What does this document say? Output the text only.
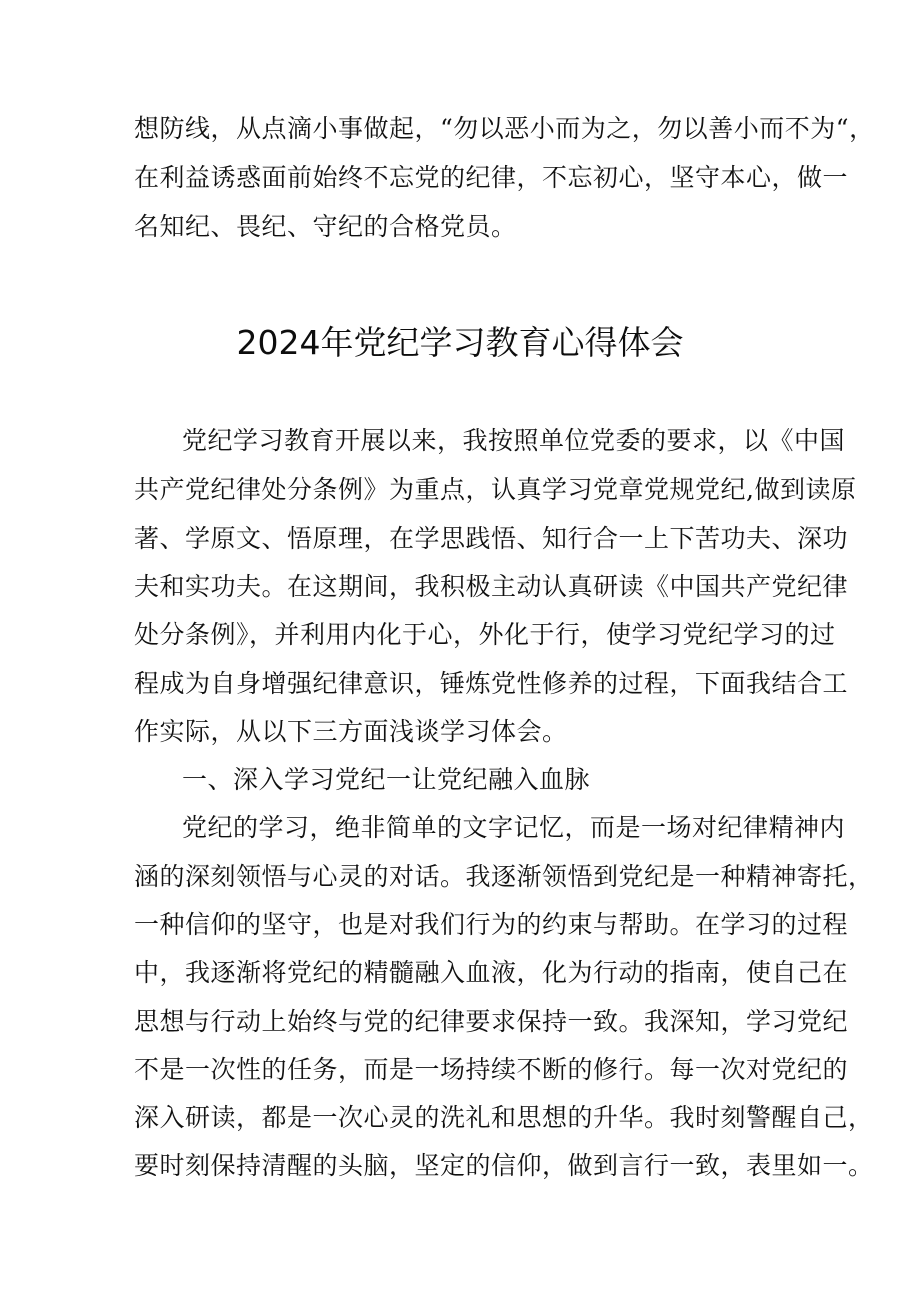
想防线，从点滴小事做起，“勿以恶小而为之，勿以善小而不为“，
在利益诱惑面前始终不忘党的纪律，不忘初心，坚守本心，做一
名知纪、畏纪、守纪的合格党员。
2024年党纪学习教育心得体会
党纪学习教育开展以来，我按照单位党委的要求，以《中国
共产党纪律处分条例》为重点，认真学习党章党规党纪,做到读原
著、学原文、悟原理，在学思践悟、知行合一上下苦功夫、深功
夫和实功夫。在这期间，我积极主动认真研读《中国共产党纪律
处分条例》，并利用内化于心，外化于行，使学习党纪学习的过
程成为自身增强纪律意识，锤炼党性修养的过程，下面我结合工
作实际，从以下三方面浅谈学习体会。
一、深入学习党纪一让党纪融入血脉
党纪的学习，绝非简单的文字记忆，而是一场对纪律精神内
涵的深刻领悟与心灵的对话。我逐渐领悟到党纪是一种精神寄托，
一种信仰的坚守，也是对我们行为的约束与帮助。在学习的过程
中，我逐渐将党纪的精髓融入血液，化为行动的指南，使自己在
思想与行动上始终与党的纪律要求保持一致。我深知，学习党纪
不是一次性的任务，而是一场持续不断的修行。每一次对党纪的
深入研读，都是一次心灵的洗礼和思想的升华。我时刻警醒自己，
要时刻保持清醒的头脑，坚定的信仰，做到言行一致，表里如一。
